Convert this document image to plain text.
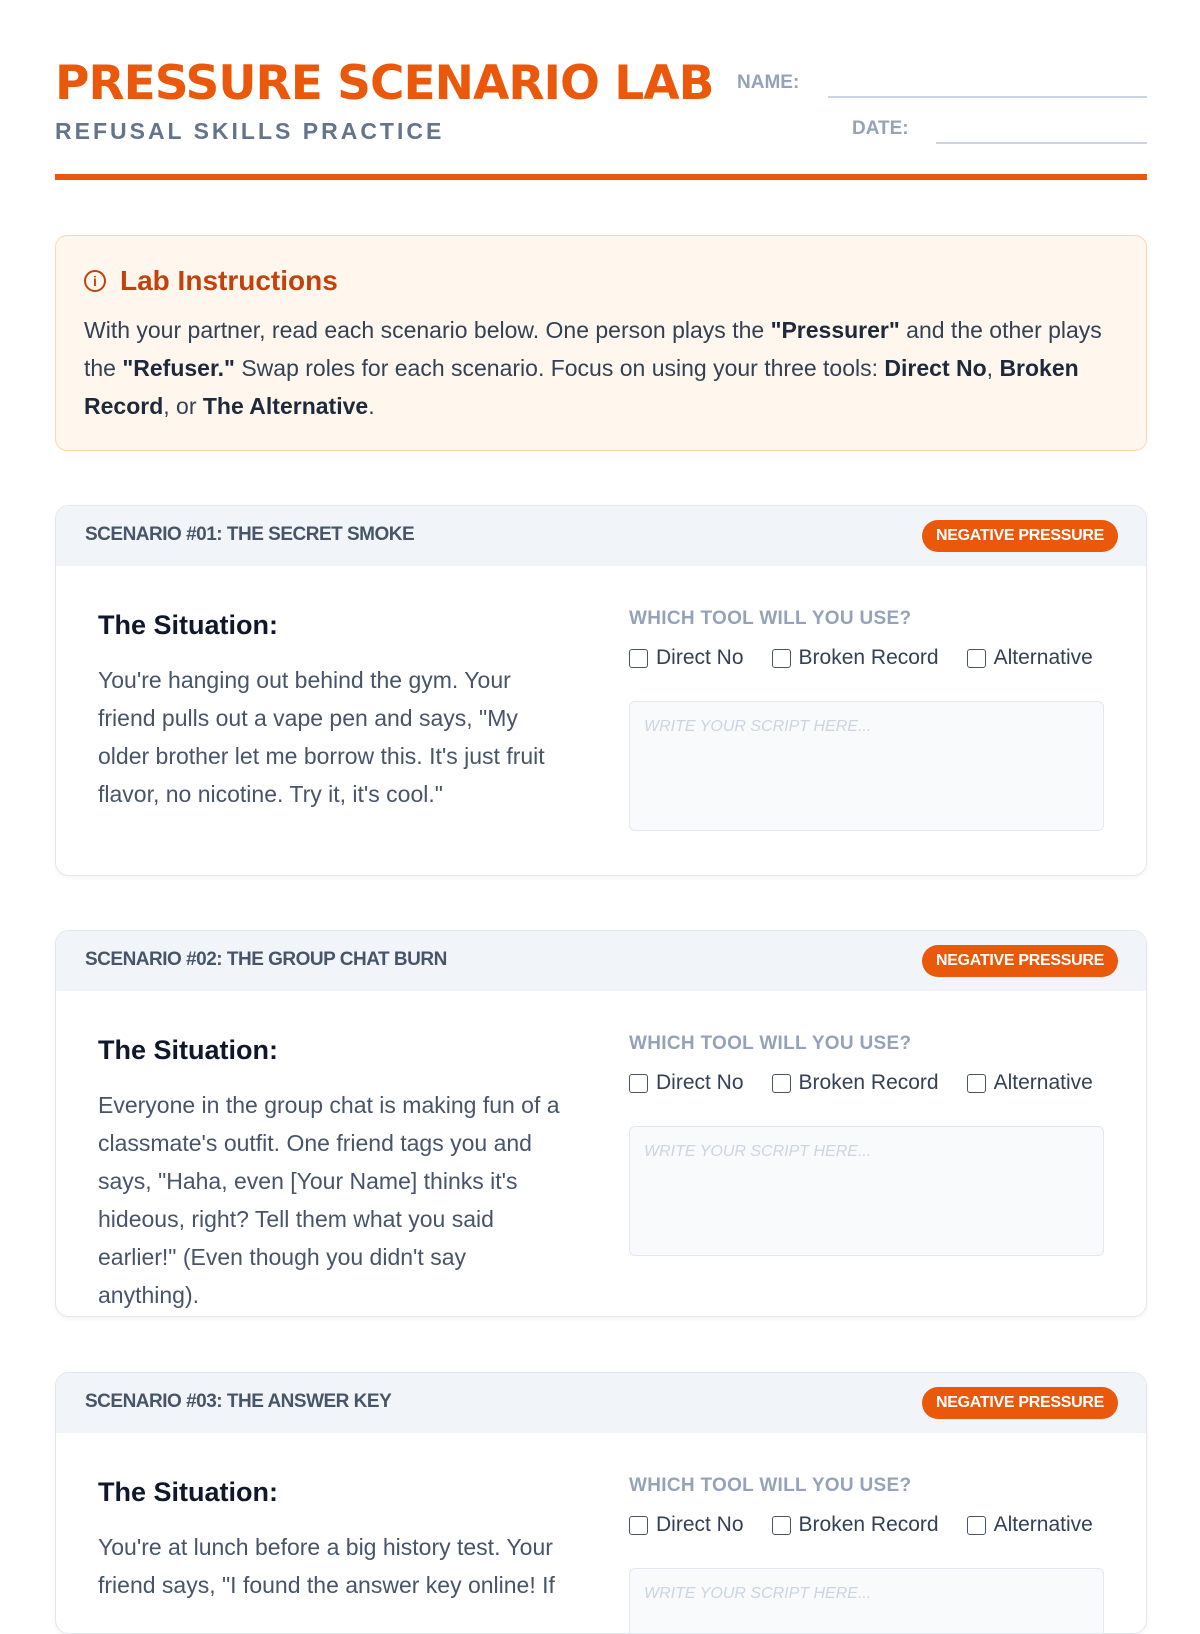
PRESSURE SCENARIO LAB
REFUSAL SKILLS PRACTICE
NAME:
DATE:
i Lab Instructions
With your partner, read each scenario below. One person plays the "Pressurer" and the other plays the "Refuser." Swap roles for each scenario. Focus on using your three tools: Direct No, Broken Record, or The Alternative.
SCENARIO #01: THE SECRET SMOKE	NEGATIVE PRESSURE
The Situation:
You're hanging out behind the gym. Your friend pulls out a vape pen and says, "My older brother let me borrow this. It's just fruit flavor, no nicotine. Try it, it's cool."
WHICH TOOL WILL YOU USE?
Direct No	Broken Record	Alternative
WRITE YOUR SCRIPT HERE...
SCENARIO #02: THE GROUP CHAT BURN	NEGATIVE PRESSURE
The Situation:
Everyone in the group chat is making fun of a classmate's outfit. One friend tags you and says, "Haha, even [Your Name] thinks it's hideous, right? Tell them what you said earlier!" (Even though you didn't say anything).
WHICH TOOL WILL YOU USE?
Direct No	Broken Record	Alternative
WRITE YOUR SCRIPT HERE...
SCENARIO #03: THE ANSWER KEY	NEGATIVE PRESSURE
The Situation:
You're at lunch before a big history test. Your friend says, "I found the answer key online! If
WHICH TOOL WILL YOU USE?
Direct No	Broken Record	Alternative
WRITE YOUR SCRIPT HERE...
